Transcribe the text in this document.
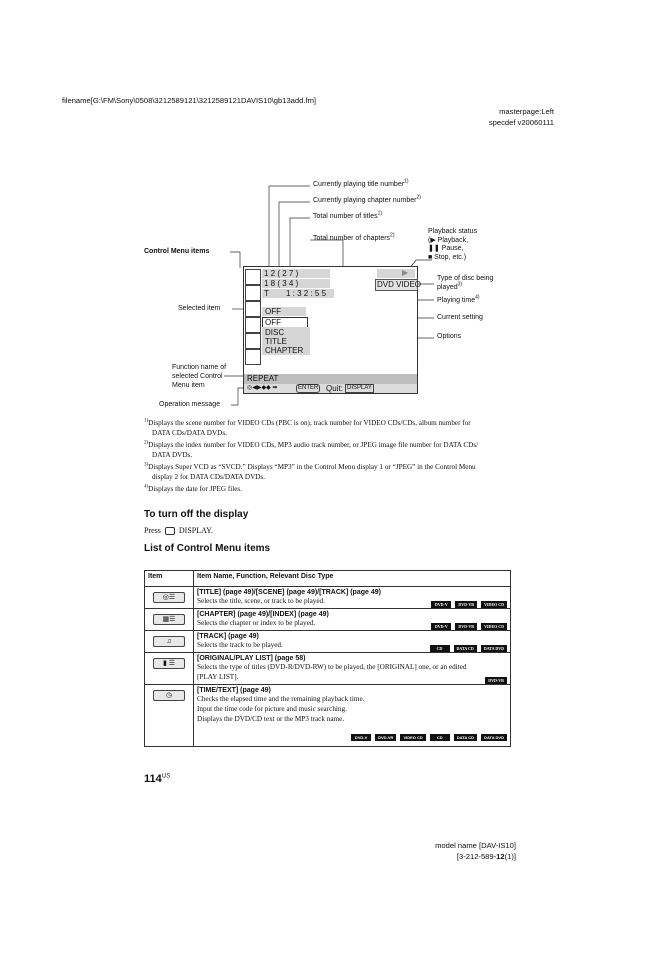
filename[G:\FM\Sony\0508\3212589121\3212589121DAVIS10\gb13add.fm]
masterpage:Left
specdef v20060111
Control Menu items
Selected item
Function name of
selected Control
Menu item
Operation message
Currently playing title number$^{1)}$
Currently playing chapter number$^{2)}$
Total number of titles$^{1)}$
Total number of chapters$^{2)}$
Playback status
(▶ Playback,
❚❚ Pause,
■ Stop, etc.)
Type of disc being
played$^{3)}$
Playing time$^{4)}$
Current setting
Options
1 2 ( 2 7 )
1 8 ( 3 4 )
T 1 : 3 2 : 5 5
▶
DVD VIDEO
OFF
OFF
DISC
TITLE
CHAPTER
REPEAT
◎◀▶◆◆ ➡	ENTER Quit: DISPLAY
$^{1)}$Displays the scene number for VIDEO CDs (PBC is on), track number for VIDEO CDs/CDs, album number for
DATA CDs/DATA DVDs.
$^{2)}$Displays the index number for VIDEO CDs, MP3 audio track number, or JPEG image file number for DATA CDs/
DATA DVDs.
$^{3)}$Displays Super VCD as “SVCD.” Displays “MP3” in the Control Menu display 1 or “JPEG” in the Control Menu
display 2 for DATA CDs/DATA DVDs.
$^{4)}$Displays the date for JPEG files.
To turn off the display
Press DISPLAY.
List of Control Menu items
Item	Item Name, Function, Relevant Disc Type

◎☰	[TITLE] (page 49)/[SCENE] (page 49)/[TRACK] (page 49)
Selects the title, scene, or track to be played. DVD-V DVD-VR VIDEO CD

▦☰	[CHAPTER] (page 49)/[INDEX] (page 49)
Selects the chapter or index to be played. DVD-V DVD-VR VIDEO CD

♫	[TRACK] (page 49)
Selects the track to be played. CD DATA CD DATA DVD

▮ ☰	[ORIGINAL/PLAY LIST] (page 58)
Selects the type of titles (DVD-R/DVD-RW) to be played, the [ORIGINAL] one, or an edited
[PLAY LIST]. DVD-VR

◷	[TIME/TEXT] (page 49)
Checks the elapsed time and the remaining playback time.
Input the time code for picture and music searching.
Displays the DVD/CD text or the MP3 track name.
DVD-V DVD-VR VIDEO CD CD DATA CD DATA DVD
$114^{US}$
model name [DAV-IS10]
[3-212-589-12(1)]
